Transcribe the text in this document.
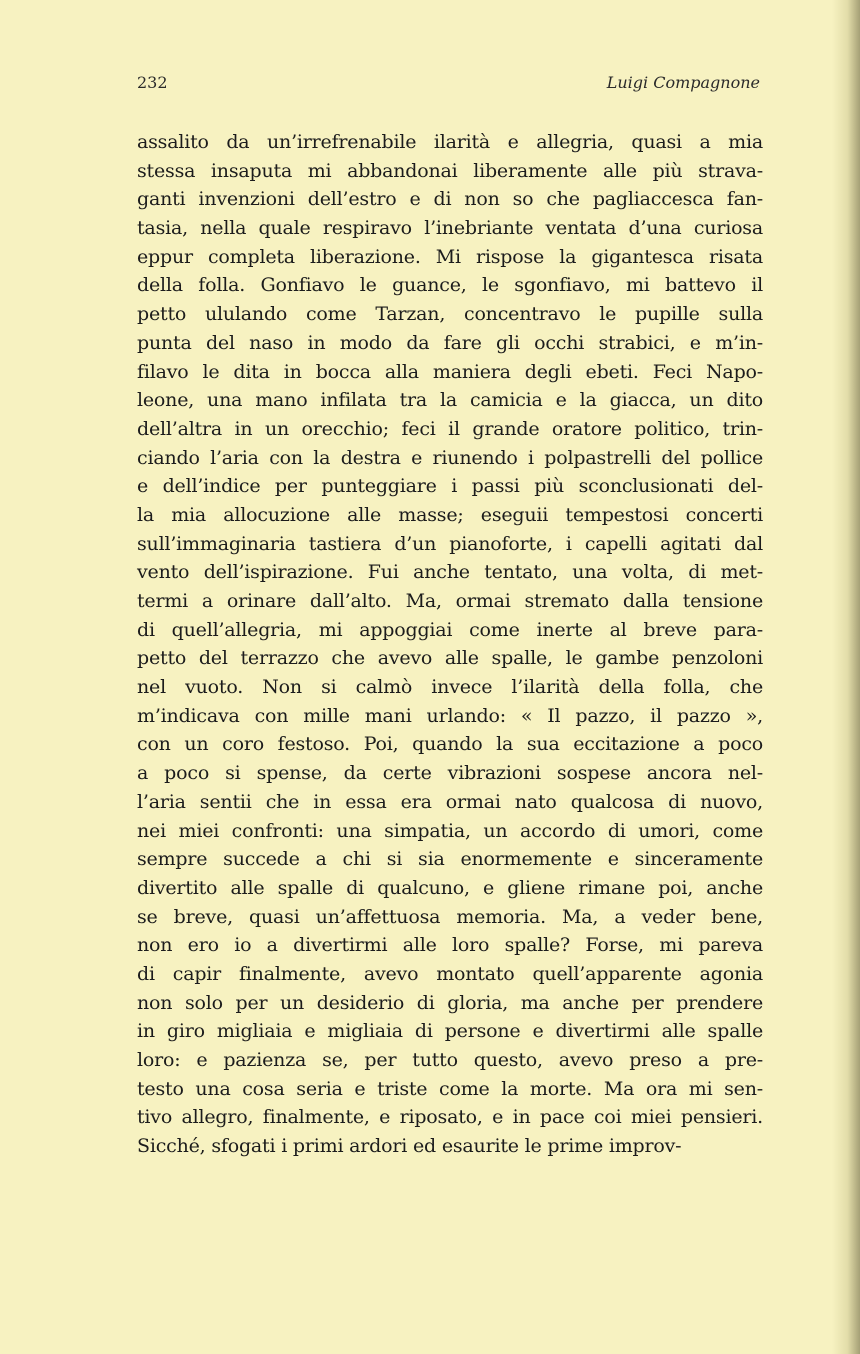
232	Luigi Compagnone

assalito da un’irrefrenabile ilarità e allegria, quasi a mia
stessa insaputa mi abbandonai liberamente alle più strava-
ganti invenzioni dell’estro e di non so che pagliaccesca fan-
tasia, nella quale respiravo l’inebriante ventata d’una curiosa
eppur completa liberazione. Mi rispose la gigantesca risata
della folla. Gonfiavo le guance, le sgonfiavo, mi battevo il
petto ululando come Tarzan, concentravo le pupille sulla
punta del naso in modo da fare gli occhi strabici, e m’in-
filavo le dita in bocca alla maniera degli ebeti. Feci Napo-
leone, una mano infilata tra la camicia e la giacca, un dito
dell’altra in un orecchio; feci il grande oratore politico, trin-
ciando l’aria con la destra e riunendo i polpastrelli del pollice
e dell’indice per punteggiare i passi più sconclusionati del-
la mia allocuzione alle masse; eseguii tempestosi concerti
sull’immaginaria tastiera d’un pianoforte, i capelli agitati dal
vento dell’ispirazione. Fui anche tentato, una volta, di met-
termi a orinare dall’alto. Ma, ormai stremato dalla tensione
di quell’allegria, mi appoggiai come inerte al breve para-
petto del terrazzo che avevo alle spalle, le gambe penzoloni
nel vuoto. Non si calmò invece l’ilarità della folla, che
m’indicava con mille mani urlando: « Il pazzo, il pazzo »,
con un coro festoso. Poi, quando la sua eccitazione a poco
a poco si spense, da certe vibrazioni sospese ancora nel-
l’aria sentii che in essa era ormai nato qualcosa di nuovo,
nei miei confronti: una simpatia, un accordo di umori, come
sempre succede a chi si sia enormemente e sinceramente
divertito alle spalle di qualcuno, e gliene rimane poi, anche
se breve, quasi un’affettuosa memoria. Ma, a veder bene,
non ero io a divertirmi alle loro spalle? Forse, mi pareva
di capir finalmente, avevo montato quell’apparente agonia
non solo per un desiderio di gloria, ma anche per prendere
in giro migliaia e migliaia di persone e divertirmi alle spalle
loro: e pazienza se, per tutto questo, avevo preso a pre-
testo una cosa seria e triste come la morte. Ma ora mi sen-
tivo allegro, finalmente, e riposato, e in pace coi miei pensieri.
Sicché, sfogati i primi ardori ed esaurite le prime improv-
